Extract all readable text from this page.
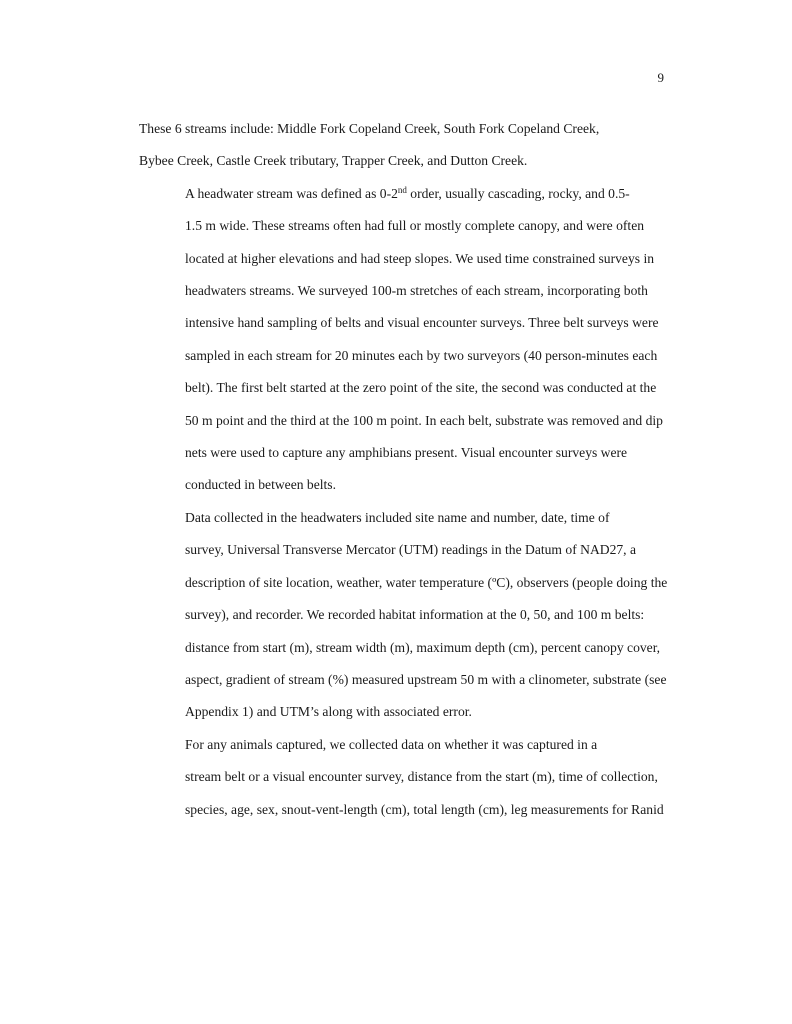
9

These 6 streams include: Middle Fork Copeland Creek, South Fork Copeland Creek,
Bybee Creek, Castle Creek tributary, Trapper Creek, and Dutton Creek.

A headwater stream was defined as 0-2nd order, usually cascading, rocky, and 0.5-
1.5 m wide. These streams often had full or mostly complete canopy, and were often
located at higher elevations and had steep slopes. We used time constrained surveys in
headwaters streams. We surveyed 100-m stretches of each stream, incorporating both
intensive hand sampling of belts and visual encounter surveys. Three belt surveys were
sampled in each stream for 20 minutes each by two surveyors (40 person-minutes each
belt). The first belt started at the zero point of the site, the second was conducted at the
50 m point and the third at the 100 m point. In each belt, substrate was removed and dip
nets were used to capture any amphibians present. Visual encounter surveys were
conducted in between belts.

Data collected in the headwaters included site name and number, date, time of
survey, Universal Transverse Mercator (UTM) readings in the Datum of NAD27, a
description of site location, weather, water temperature (ºC), observers (people doing the
survey), and recorder. We recorded habitat information at the 0, 50, and 100 m belts:
distance from start (m), stream width (m), maximum depth (cm), percent canopy cover,
aspect, gradient of stream (%) measured upstream 50 m with a clinometer, substrate (see
Appendix 1) and UTM’s along with associated error.

For any animals captured, we collected data on whether it was captured in a
stream belt or a visual encounter survey, distance from the start (m), time of collection,
species, age, sex, snout-vent-length (cm), total length (cm), leg measurements for Ranid
